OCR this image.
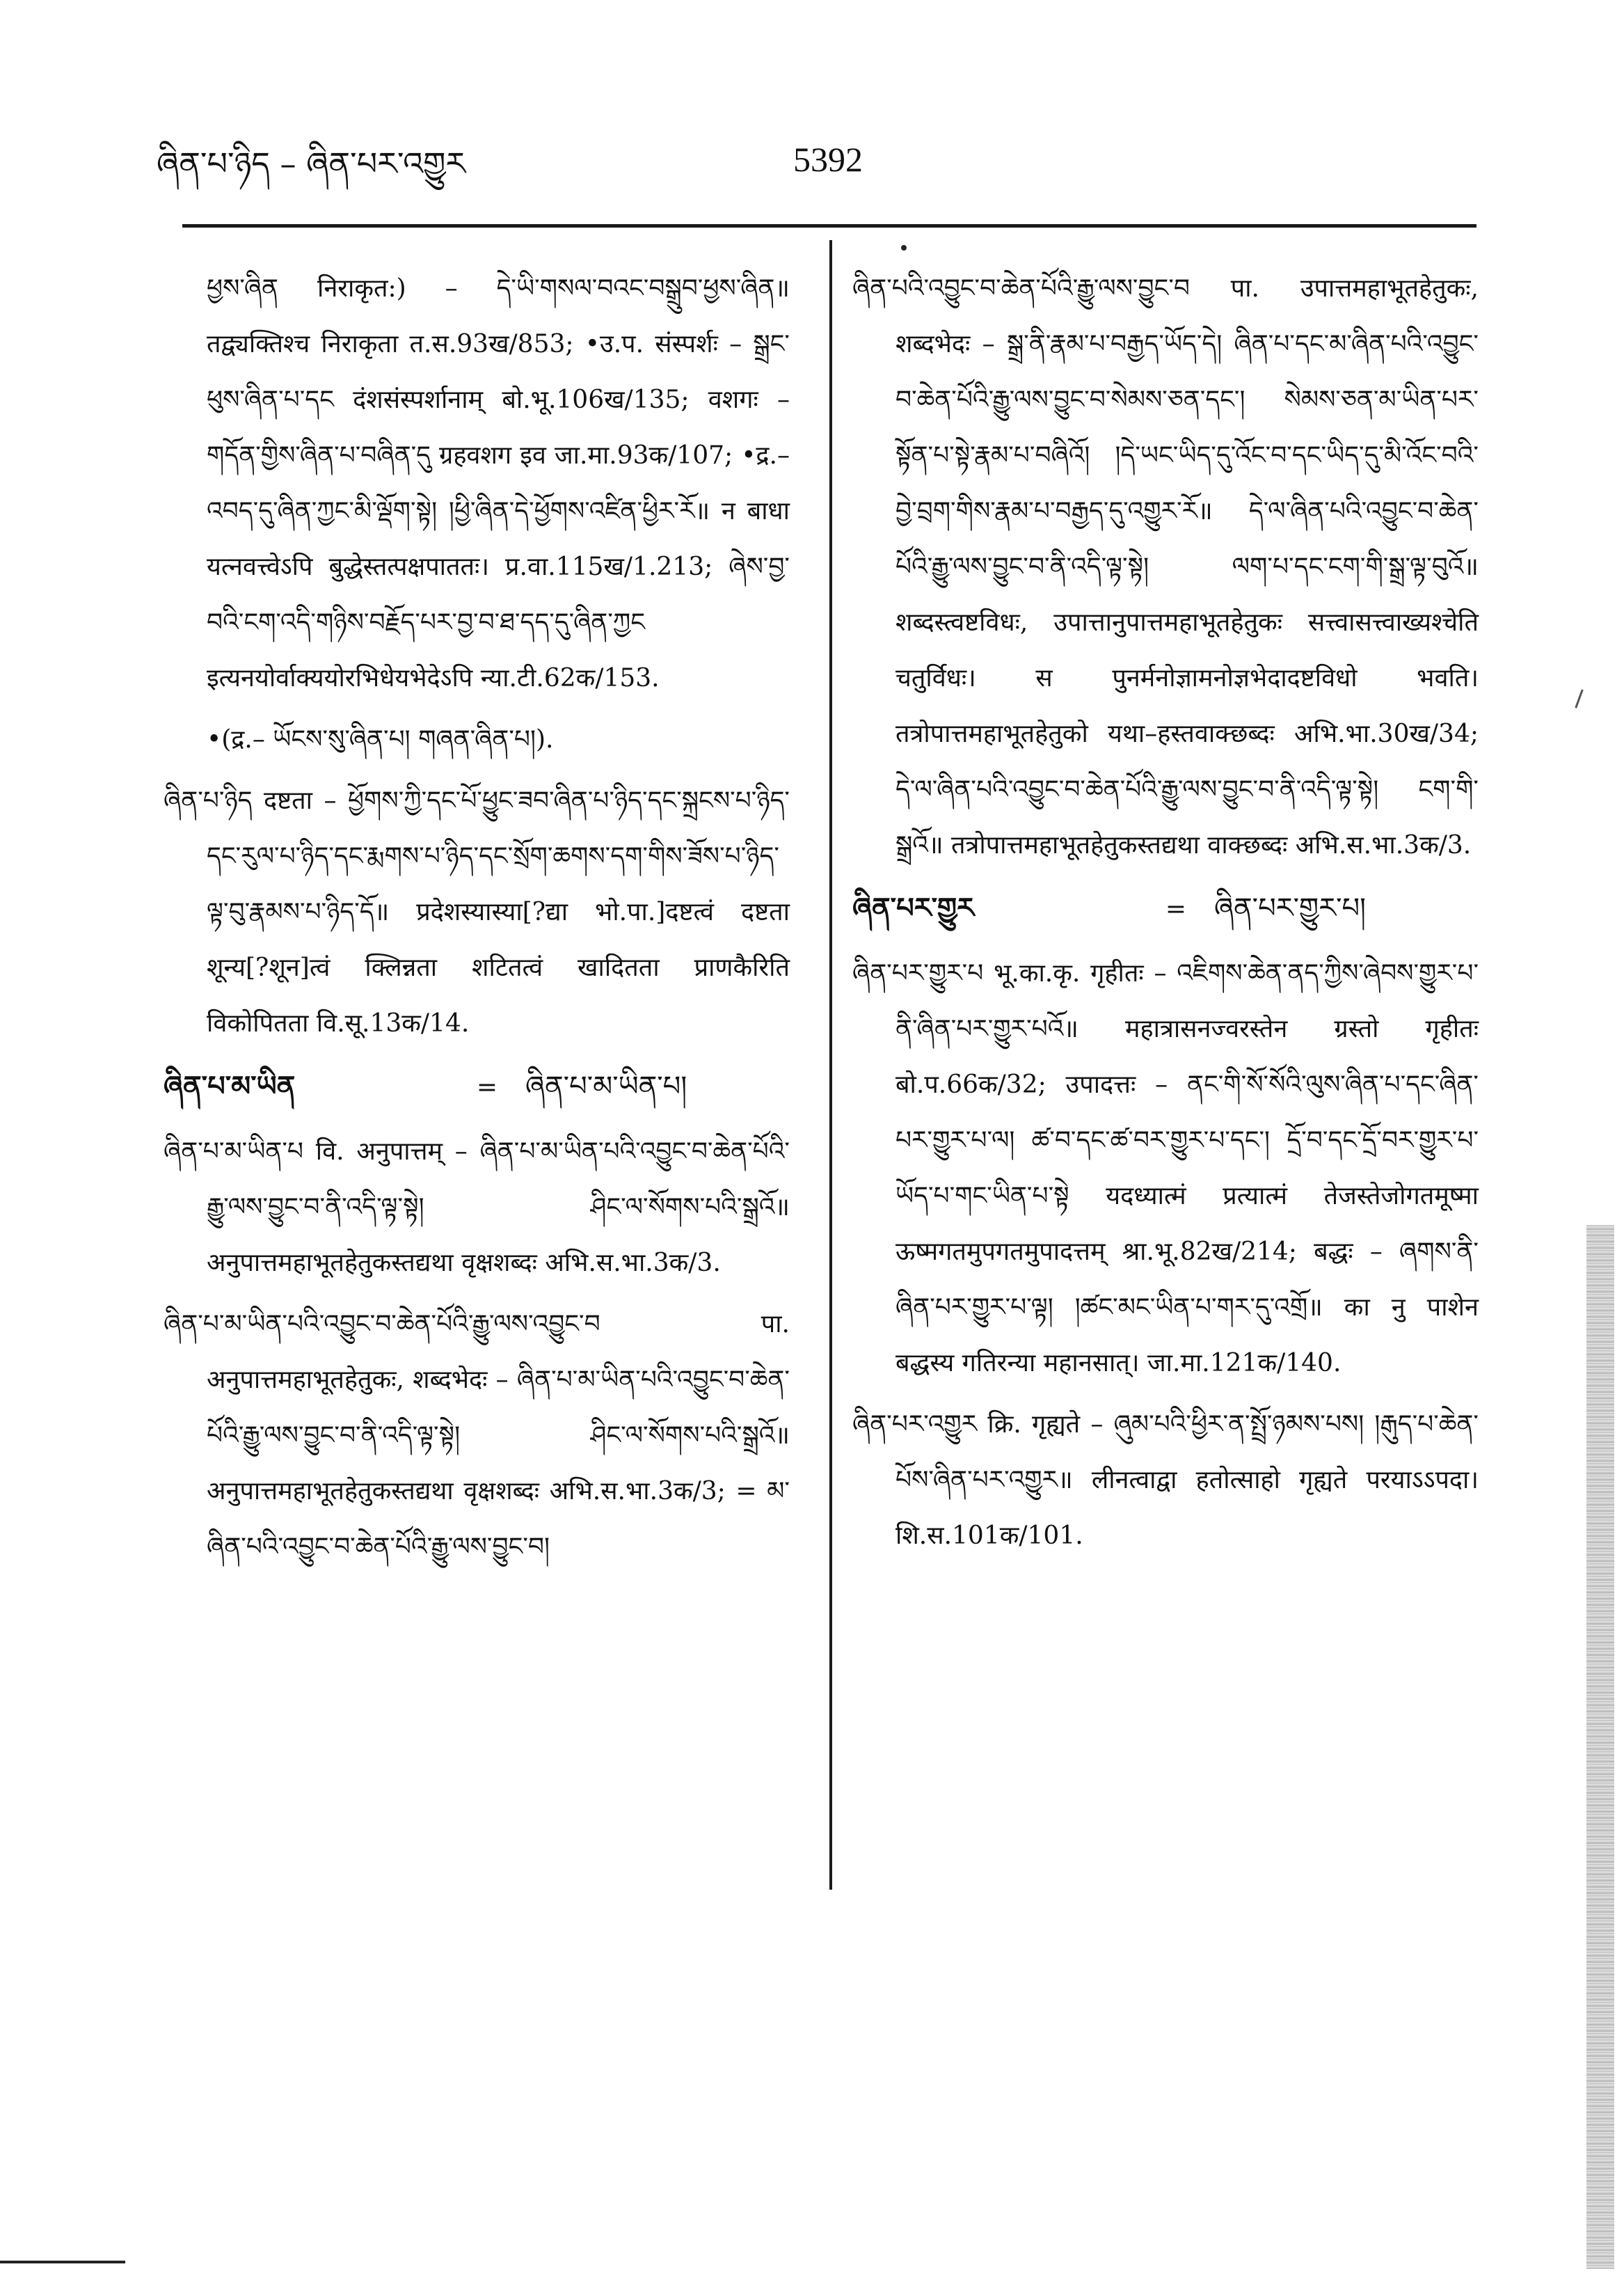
ཞིན་པ་ཉིད – ཞིན་པར་འགྱུར	5392

ཕྱས་ཞིན निराकृत:) – དེ་ཡི་གསལ་བའང་བསྒྲུབ་ཕྱས་ཞིན॥ तद्व्यक्तिश्च निराकृता त.स.93ख/853; •उ.प. संस्पर्शः – སྒྲང་ཕུས་ཞིན་པ་དང दंशसंस्पर्शानाम् बो.भू.106ख/135; वशगः – གདོན་གྱིས་ཞིན་པ་བཞིན་དུ ग्रहवशग इव जा.मा.93क/107; •द्र.– འབད་དུ་ཞིན་ཀྱང་མི་ལྡོག་སྟེ། །ཕྱི་ཞིན་དེ་ཕྱོགས་འཛིན་ཕྱིར་རོ॥ न बाधा यत्नवत्त्वेऽपि बुद्धेस्तत्पक्षपाततः। प्र.वा.115ख/1.213; ཞེས་བྱ་བའི་ངག་འདི་གཉིས་བརྗོད་པར་བྱ་བ་ཐ་དད་དུ་ཞིན་ཀྱང इत्यनयोर्वाक्ययोरभिधेयभेदेऽपि न्या.टी.62क/153.

•(द्र.– ཡོངས་སུ་ཞིན་པ། གཞན་ཞིན་པ།).

ཞིན་པ་ཉིད दष्टता – ཕྱོགས་ཀྱི་དང་པོ་ཕྱུང་ཟབ་ཞིན་པ་ཉིད་དང་སྐྲངས་པ་ཉིད་དང་རུལ་པ་ཉིད་དང་རྨགས་པ་ཉིད་དང་སྲོག་ཆགས་དག་གིས་ཟོས་པ་ཉིད་ལྟ་བུ་རྣམས་པ་ཉིད་དོ॥ प्रदेशस्यास्या[?द्या भो.पा.]दष्टत्वं दष्टता शून्य[?शून]त्वं क्लिन्नता शटितत्वं खादितता प्राणकैरिति विकोपितता वि.सू.13क/14.

ཞིན་པ་མ་ཡིན	= ཞིན་པ་མ་ཡིན་པ།

ཞིན་པ་མ་ཡིན་པ वि. अनुपात्तम् – ཞིན་པ་མ་ཡིན་པའི་འབྱུང་བ་ཆེན་པོའི་རྒྱུ་ལས་བྱུང་བ་ནི་འདི་ལྟ་སྟེ། ཤིང་ལ་སོགས་པའི་སྒྲའོ॥ अनुपात्तमहाभूतहेतुकस्तद्यथा वृक्षशब्दः अभि.स.भा.3क/3.

ཞིན་པ་མ་ཡིན་པའི་འབྱུང་བ་ཆེན་པོའི་རྒྱུ་ལས་འབྱུང་བ पा. अनुपात्तमहाभूतहेतुकः, शब्दभेदः – ཞིན་པ་མ་ཡིན་པའི་འབྱུང་བ་ཆེན་པོའི་རྒྱུ་ལས་བྱུང་བ་ནི་འདི་ལྟ་སྟེ། ཤིང་ལ་སོགས་པའི་སྒྲའོ॥ अनुपात्तमहाभूतहेतुकस्तद्यथा वृक्षशब्दः अभि.स.भा.3क/3; = མ་ཞིན་པའི་འབྱུང་བ་ཆེན་པོའི་རྒྱུ་ལས་བྱུང་བ།

ཞིན་པའི་འབྱུང་བ་ཆེན་པོའི་རྒྱུ་ལས་བྱུང་བ पा. उपात्तमहाभूतहेतुकः, शब्दभेदः – སྒྲ་ནི་རྣམ་པ་བརྒྱད་ཡོད་དེ། ཞིན་པ་དང་མ་ཞིན་པའི་འབྱུང་བ་ཆེན་པོའི་རྒྱུ་ལས་བྱུང་བ་སེམས་ཅན་དང་། སེམས་ཅན་མ་ཡིན་པར་སྟོན་པ་སྟེ་རྣམ་པ་བཞིའོ། །དེ་ཡང་ཡིད་དུ་འོང་བ་དང་ཡིད་དུ་མི་འོང་བའི་བྱེ་བྲག་གིས་རྣམ་པ་བརྒྱད་དུ་འགྱུར་རོ॥ དེ་ལ་ཞིན་པའི་འབྱུང་བ་ཆེན་པོའི་རྒྱུ་ལས་བྱུང་བ་ནི་འདི་ལྟ་སྟེ། ལག་པ་དང་ངག་གི་སྒྲ་ལྟ་བུའོ॥ शब्दस्त्वष्टविधः, उपात्तानुपात्तमहाभूतहेतुकः सत्त्वासत्त्वाख्यश्चेति चतुर्विधः। स पुनर्मनोज्ञामनोज्ञभेदादष्टविधो भवति। तत्रोपात्तमहाभूतहेतुको यथा–हस्तवाक्छब्दः अभि.भा.30ख/34; དེ་ལ་ཞིན་པའི་འབྱུང་བ་ཆེན་པོའི་རྒྱུ་ལས་བྱུང་བ་ནི་འདི་ལྟ་སྟེ། ངག་གི་སྒྲའོ॥ तत्रोपात्तमहाभूतहेतुकस्तद्यथा वाक्छब्दः अभि.स.भा.3क/3.

ཞིན་པར་གྱུར	= ཞིན་པར་གྱུར་པ།

ཞིན་པར་གྱུར་པ भू.का.कृ. गृहीतः – འཇིགས་ཆེན་ནད་ཀྱིས་ཞེབས་གྱུར་པ་ནི་ཞིན་པར་གྱུར་པའོ॥ महात्रासनज्वरस्तेन ग्रस्तो गृहीतः बो.प.66क/32; उपादत्तः – ནང་གི་སོ་སོའི་ལུས་ཞིན་པ་དང་ཞིན་པར་གྱུར་པ་ལ། ཚ་བ་དང་ཚ་བར་གྱུར་པ་དང་། དྲོ་བ་དང་དྲོ་བར་གྱུར་པ་ཡོད་པ་གང་ཡིན་པ་སྟེ यदध्यात्मं प्रत्यात्मं तेजस्तेजोगतमूष्मा ऊष्मगतमुपगतमुपादत्तम् श्रा.भू.82ख/214; बद्धः – ཞགས་ནི་ཞིན་པར་གྱུར་པ་ལྟ། །ཚང་མང་ཡིན་པ་གར་དུ་འགྲོ॥ का नु पाशेन बद्धस्य गतिरन्या महानसात्। जा.मा.121क/140.

ཞིན་པར་འགྱུར क्रि. गृह्यते – ཞུམ་པའི་ཕྱིར་ན་སྤྲོ་ཉམས་པས། །རྒུད་པ་ཆེན་པོས་ཞིན་པར་འགྱུར॥ लीनत्वाद्वा हतोत्साहो गृह्यते परयाऽऽपदा। शि.स.101क/101.
